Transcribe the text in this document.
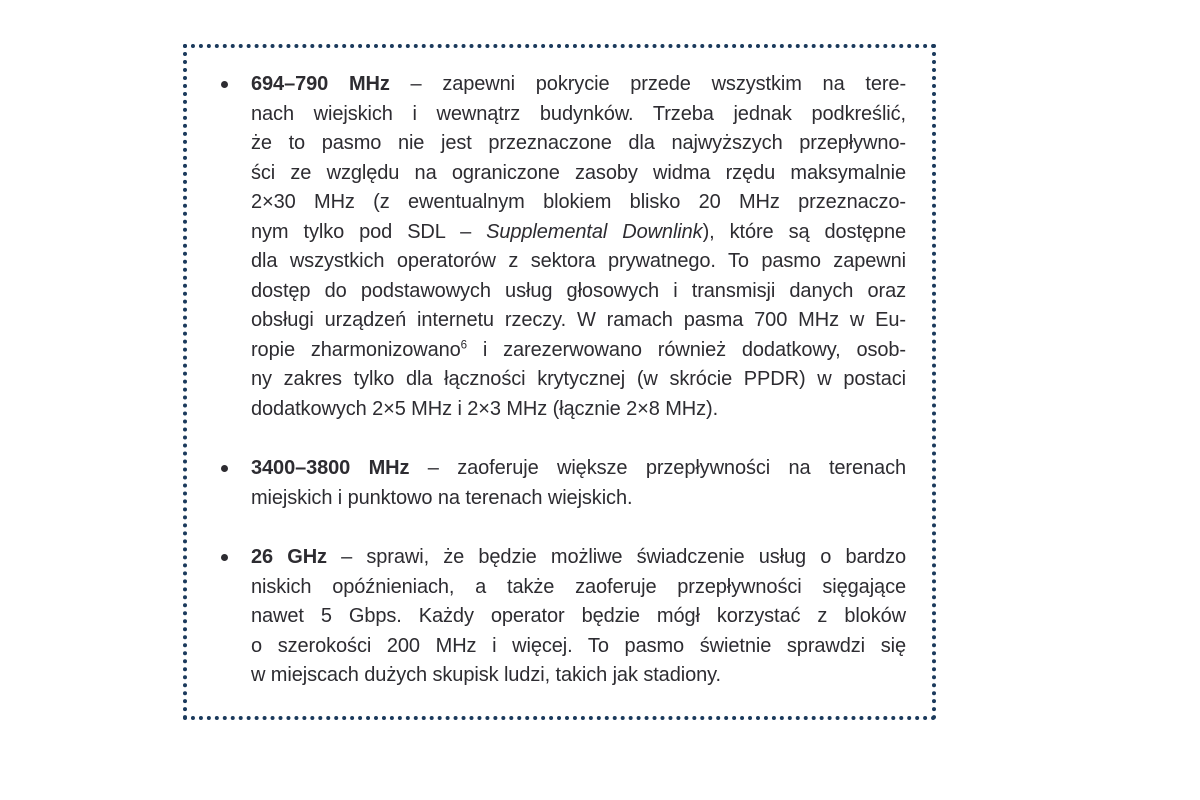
694–790 MHz – zapewni pokrycie przede wszystkim na tere-
nach wiejskich i wewnątrz budynków. Trzeba jednak podkreślić,
że to pasmo nie jest przeznaczone dla najwyższych przepływno-
ści ze względu na ograniczone zasoby widma rzędu maksymalnie
2×30 MHz (z ewentualnym blokiem blisko 20 MHz przeznaczo-
nym tylko pod SDL – Supplemental Downlink), które są dostępne
dla wszystkich operatorów z sektora prywatnego. To pasmo zapewni
dostęp do podstawowych usług głosowych i transmisji danych oraz
obsługi urządzeń internetu rzeczy. W ramach pasma 700 MHz w Eu-
ropie zharmonizowano$^6$ i zarezerwowano również dodatkowy, osob-
ny zakres tylko dla łączności krytycznej (w skrócie PPDR) w postaci
dodatkowych 2×5 MHz i 2×3 MHz (łącznie 2×8 MHz).
3400–3800 MHz – zaoferuje większe przepływności na terenach
miejskich i punktowo na terenach wiejskich.
26 GHz – sprawi, że będzie możliwe świadczenie usług o bardzo
niskich opóźnieniach, a także zaoferuje przepływności sięgające
nawet 5 Gbps. Każdy operator będzie mógł korzystać z bloków
o szerokości 200 MHz i więcej. To pasmo świetnie sprawdzi się
w miejscach dużych skupisk ludzi, takich jak stadiony.
